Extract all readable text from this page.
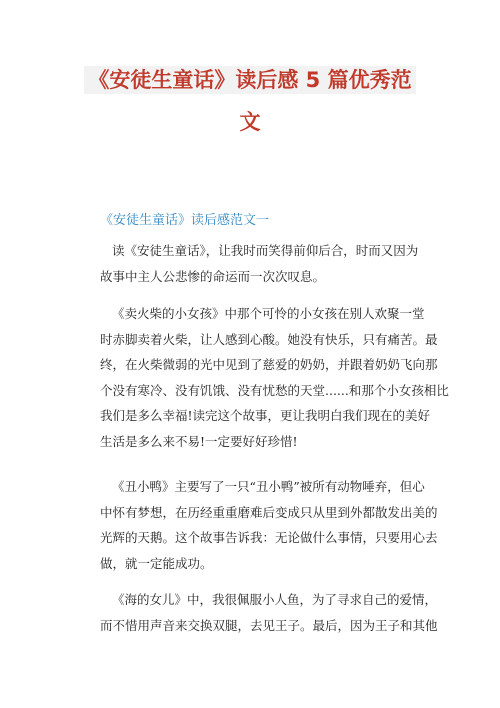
《安徒生童话》读后感 5 篇优秀范
文
《安徒生童话》读后感范文一
读《安徒生童话》，让我时而笑得前仰后合，时而又因为
故事中主人公悲惨的命运而一次次叹息。
《卖火柴的小女孩》中那个可怜的小女孩在别人欢聚一堂
时赤脚卖着火柴，让人感到心酸。她没有快乐，只有痛苦。最
终，在火柴微弱的光中见到了慈爱的奶奶，并跟着奶奶飞向那
个没有寒冷、没有饥饿、没有忧愁的天堂......和那个小女孩相比
我们是多么幸福!读完这个故事，更让我明白我们现在的美好
生活是多么来不易!一定要好好珍惜!
《丑小鸭》主要写了一只“丑小鸭”被所有动物唾弃，但心
中怀有梦想，在历经重重磨难后变成只从里到外都散发出美的
光辉的天鹅。这个故事告诉我：无论做什么事情，只要用心去
做，就一定能成功。
《海的女儿》中，我很佩服小人鱼，为了寻求自己的爱情，
而不惜用声音来交换双腿，去见王子。最后，因为王子和其他
